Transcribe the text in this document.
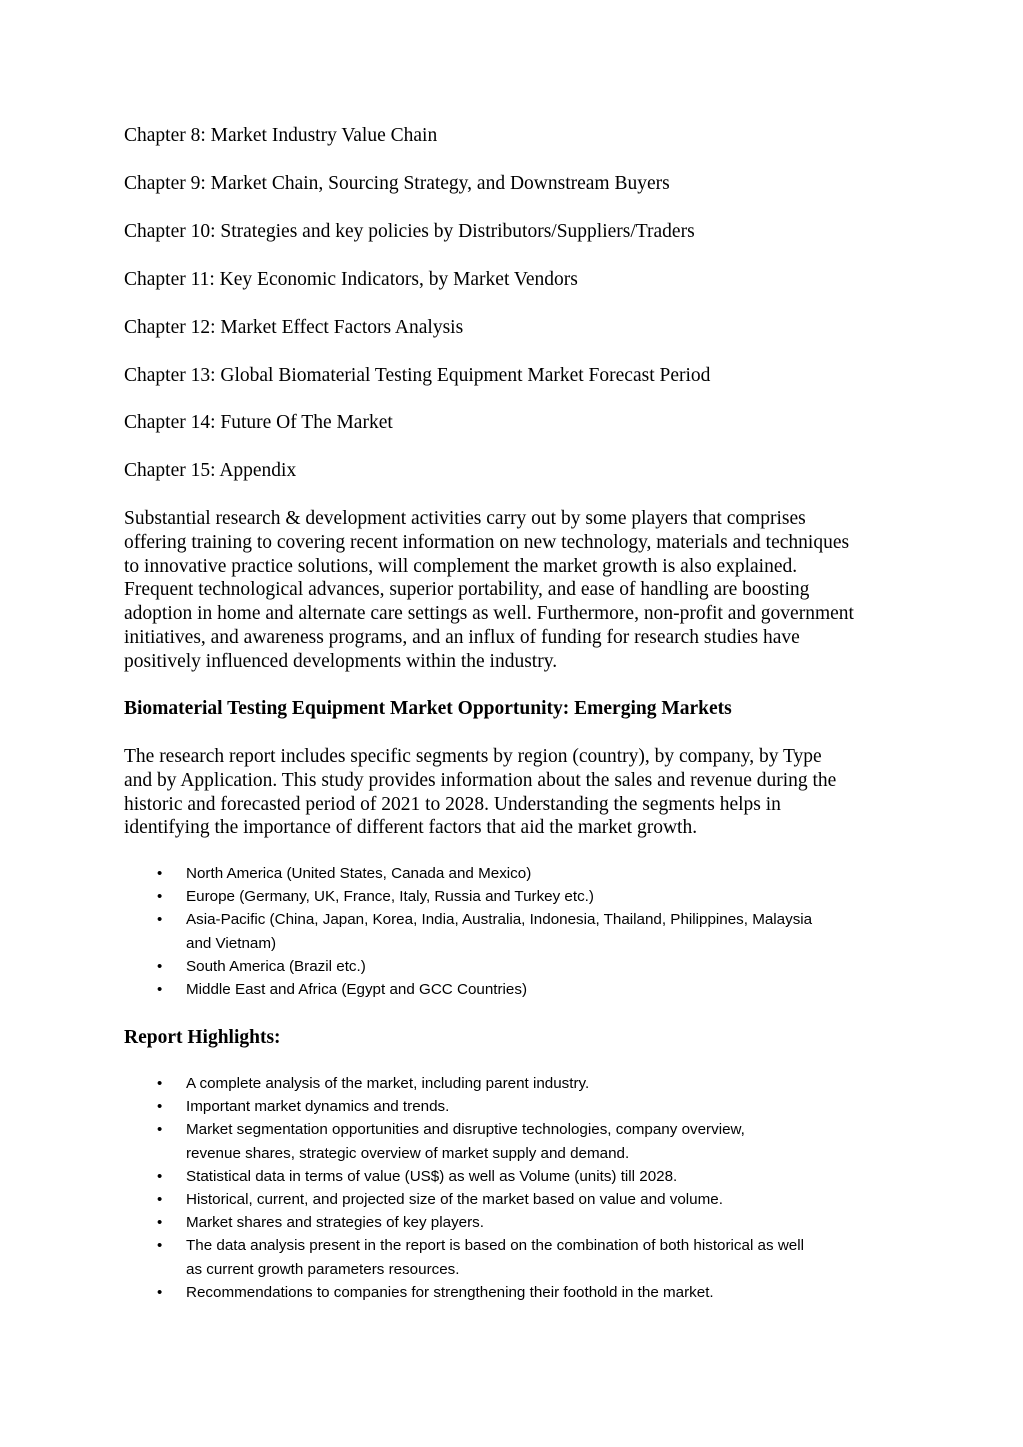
Chapter 8: Market Industry Value Chain

Chapter 9: Market Chain, Sourcing Strategy, and Downstream Buyers

Chapter 10: Strategies and key policies by Distributors/Suppliers/Traders

Chapter 11: Key Economic Indicators, by Market Vendors

Chapter 12: Market Effect Factors Analysis

Chapter 13: Global Biomaterial Testing Equipment Market Forecast Period

Chapter 14: Future Of The Market

Chapter 15: Appendix

Substantial research & development activities carry out by some players that comprises
offering training to covering recent information on new technology, materials and techniques
to innovative practice solutions, will complement the market growth is also explained.
Frequent technological advances, superior portability, and ease of handling are boosting
adoption in home and alternate care settings as well. Furthermore, non-profit and government
initiatives, and awareness programs, and an influx of funding for research studies have
positively influenced developments within the industry.

Biomaterial Testing Equipment Market Opportunity: Emerging Markets

The research report includes specific segments by region (country), by company, by Type
and by Application. This study provides information about the sales and revenue during the
historic and forecasted period of 2021 to 2028. Understanding the segments helps in
identifying the importance of different factors that aid the market growth.

• North America (United States, Canada and Mexico)
• Europe (Germany, UK, France, Italy, Russia and Turkey etc.)
• Asia-Pacific (China, Japan, Korea, India, Australia, Indonesia, Thailand, Philippines, Malaysia
and Vietnam)
• South America (Brazil etc.)
• Middle East and Africa (Egypt and GCC Countries)
Report Highlights:
• A complete analysis of the market, including parent industry.
• Important market dynamics and trends.
• Market segmentation opportunities and disruptive technologies, company overview,
revenue shares, strategic overview of market supply and demand.
• Statistical data in terms of value (US$) as well as Volume (units) till 2028.
• Historical, current, and projected size of the market based on value and volume.
• Market shares and strategies of key players.
• The data analysis present in the report is based on the combination of both historical as well
as current growth parameters resources.
• Recommendations to companies for strengthening their foothold in the market.
